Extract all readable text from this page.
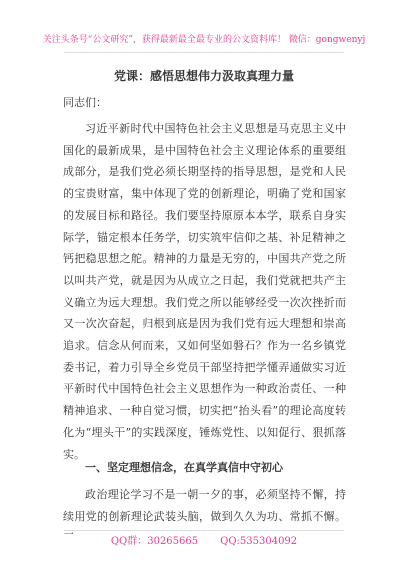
关注头条号“公文研究”，获得最新最全最专业的公文资料库！ 微信：gongwenyj
党课：感悟思想伟力汲取真理力量
同志们：

习近平新时代中国特色社会主义思想是马克思主义中国化的最新成果，是中国特色社会主义理论体系的重要组成部分，是我们党必须长期坚持的指导思想，是党和人民的宝贵财富，集中体现了党的创新理论，明确了党和国家的发展目标和路径。我们要坚持原原本本学，联系自身实际学，锚定根本任务学，切实筑牢信仰之基、补足精神之钙把稳思想之舵。精神的力量是无穷的，中国共产党之所以叫共产党，就是因为从成立之日起，我们党就把共产主义确立为远大理想。我们党之所以能够经受一次次挫折而又一次次奋起，归根到底是因为我们党有远大理想和崇高追求。信念从何而来，又如何坚如磐石？作为一名乡镇党委书记，着力引导全乡党员干部坚持把学懂弄通做实习近平新时代中国特色社会主义思想作为一种政治责任、一种精神追求、一种自觉习惯，切实把“抬头看”的理论高度转化为“埋头干”的实践深度，锤炼党性、以知促行、狠抓落实。

一、坚定理想信念，在真学真信中守初心

政治理论学习不是一朝一夕的事，必须坚持不懈，持续用党的创新理论武装头脑，做到久久为功、常抓不懈。

QQ群：30265665 QQ:535304092
